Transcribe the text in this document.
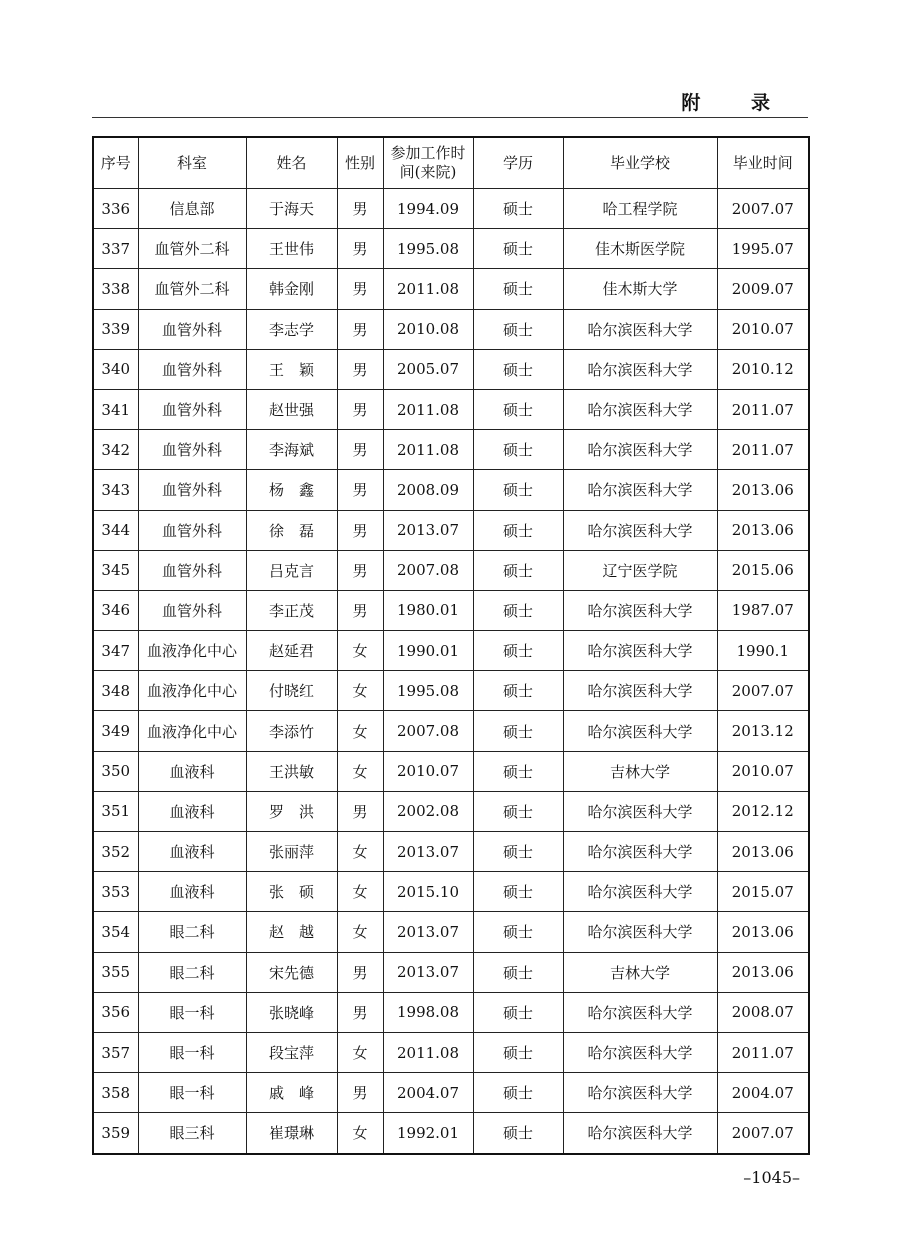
附 录
序号	科室	姓名	性别	参加工作时间(来院)	学历	毕业学校	毕业时间
336	信息部	于海天	男	1994.09	硕士	哈工程学院	2007.07
337	血管外二科	王世伟	男	1995.08	硕士	佳木斯医学院	1995.07
338	血管外二科	韩金刚	男	2011.08	硕士	佳木斯大学	2009.07
339	血管外科	李志学	男	2010.08	硕士	哈尔滨医科大学	2010.07
340	血管外科	王　颖	男	2005.07	硕士	哈尔滨医科大学	2010.12
341	血管外科	赵世强	男	2011.08	硕士	哈尔滨医科大学	2011.07
342	血管外科	李海斌	男	2011.08	硕士	哈尔滨医科大学	2011.07
343	血管外科	杨　鑫	男	2008.09	硕士	哈尔滨医科大学	2013.06
344	血管外科	徐　磊	男	2013.07	硕士	哈尔滨医科大学	2013.06
345	血管外科	吕克言	男	2007.08	硕士	辽宁医学院	2015.06
346	血管外科	李正茂	男	1980.01	硕士	哈尔滨医科大学	1987.07
347	血液净化中心	赵延君	女	1990.01	硕士	哈尔滨医科大学	1990.1
348	血液净化中心	付晓红	女	1995.08	硕士	哈尔滨医科大学	2007.07
349	血液净化中心	李添竹	女	2007.08	硕士	哈尔滨医科大学	2013.12
350	血液科	王洪敏	女	2010.07	硕士	吉林大学	2010.07
351	血液科	罗　洪	男	2002.08	硕士	哈尔滨医科大学	2012.12
352	血液科	张丽萍	女	2013.07	硕士	哈尔滨医科大学	2013.06
353	血液科	张　硕	女	2015.10	硕士	哈尔滨医科大学	2015.07
354	眼二科	赵　越	女	2013.07	硕士	哈尔滨医科大学	2013.06
355	眼二科	宋先德	男	2013.07	硕士	吉林大学	2013.06
356	眼一科	张晓峰	男	1998.08	硕士	哈尔滨医科大学	2008.07
357	眼一科	段宝萍	女	2011.08	硕士	哈尔滨医科大学	2011.07
358	眼一科	戚　峰	男	2004.07	硕士	哈尔滨医科大学	2004.07
359	眼三科	崔璟琳	女	1992.01	硕士	哈尔滨医科大学	2007.07
–1045–
